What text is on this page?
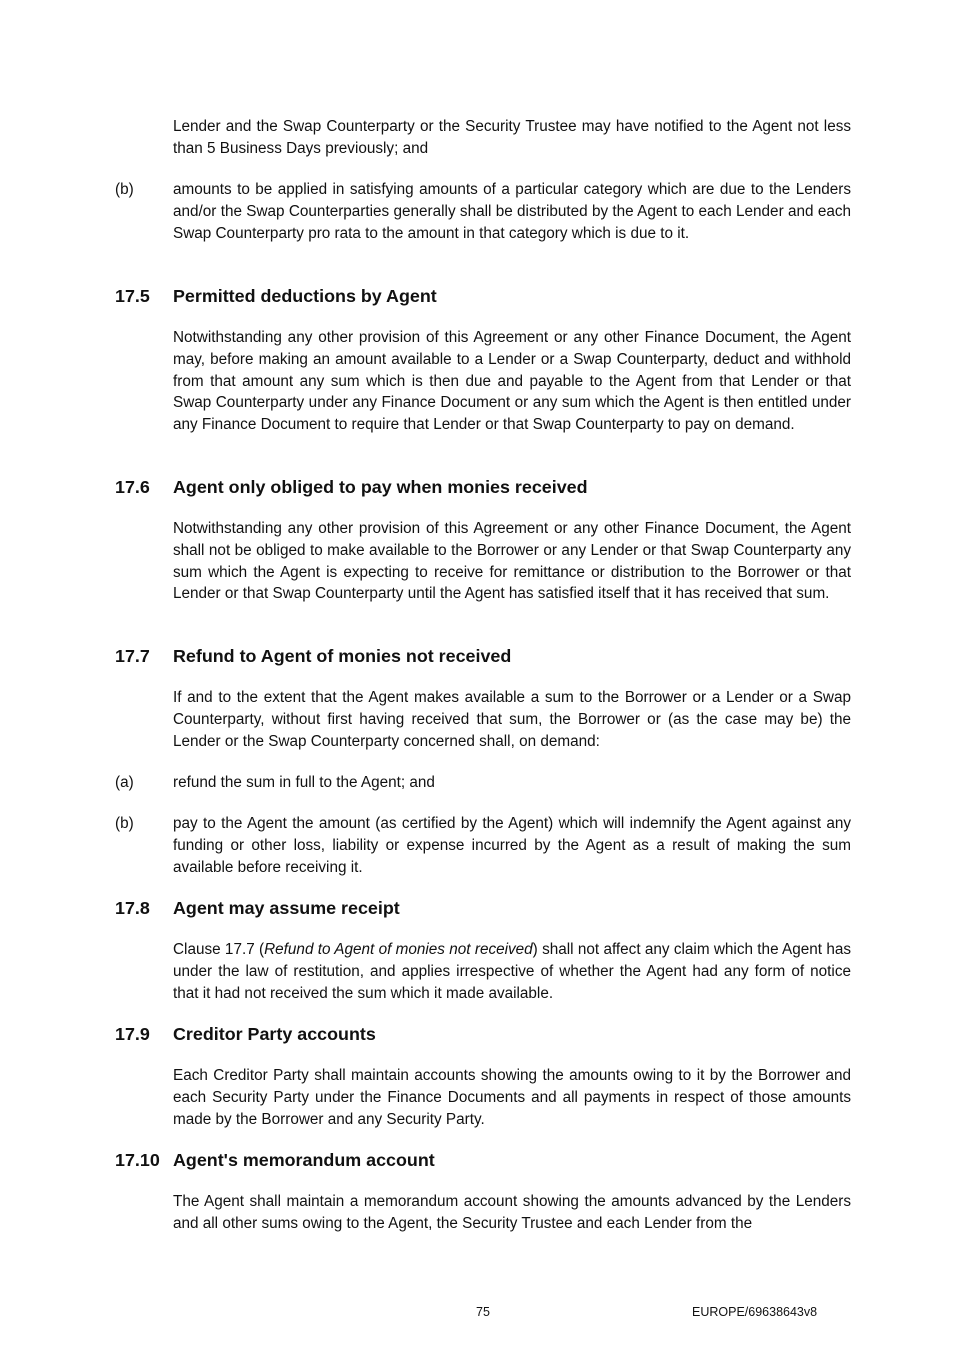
Lender and the Swap Counterparty or the Security Trustee may have notified to the Agent not less than 5 Business Days previously; and

(b)	amounts to be applied in satisfying amounts of a particular category which are due to the Lenders and/or the Swap Counterparties generally shall be distributed by the Agent to each Lender and each Swap Counterparty pro rata to the amount in that category which is due to it.
17.5 Permitted deductions by Agent

Notwithstanding any other provision of this Agreement or any other Finance Document, the Agent may, before making an amount available to a Lender or a Swap Counterparty, deduct and withhold from that amount any sum which is then due and payable to the Agent from that Lender or that Swap Counterparty under any Finance Document or any sum which the Agent is then entitled under any Finance Document to require that Lender or that Swap Counterparty to pay on demand.

17.6 Agent only obliged to pay when monies received

Notwithstanding any other provision of this Agreement or any other Finance Document, the Agent shall not be obliged to make available to the Borrower or any Lender or that Swap Counterparty any sum which the Agent is expecting to receive for remittance or distribution to the Borrower or that Lender or that Swap Counterparty until the Agent has satisfied itself that it has received that sum.

17.7 Refund to Agent of monies not received

If and to the extent that the Agent makes available a sum to the Borrower or a Lender or a Swap Counterparty, without first having received that sum, the Borrower or (as the case may be) the Lender or the Swap Counterparty concerned shall, on demand:

(a)	refund the sum in full to the Agent; and
(b)	pay to the Agent the amount (as certified by the Agent) which will indemnify the Agent against any funding or other loss, liability or expense incurred by the Agent as a result of making the sum available before receiving it.
17.8 Agent may assume receipt

Clause 17.7 (Refund to Agent of monies not received) shall not affect any claim which the Agent has under the law of restitution, and applies irrespective of whether the Agent had any form of notice that it had not received the sum which it made available.

17.9 Creditor Party accounts

Each Creditor Party shall maintain accounts showing the amounts owing to it by the Borrower and each Security Party under the Finance Documents and all payments in respect of those amounts made by the Borrower and any Security Party.

17.10 Agent's memorandum account

The Agent shall maintain a memorandum account showing the amounts advanced by the Lenders and all other sums owing to the Agent, the Security Trustee and each Lender from the

75	EUROPE/69638643v8
